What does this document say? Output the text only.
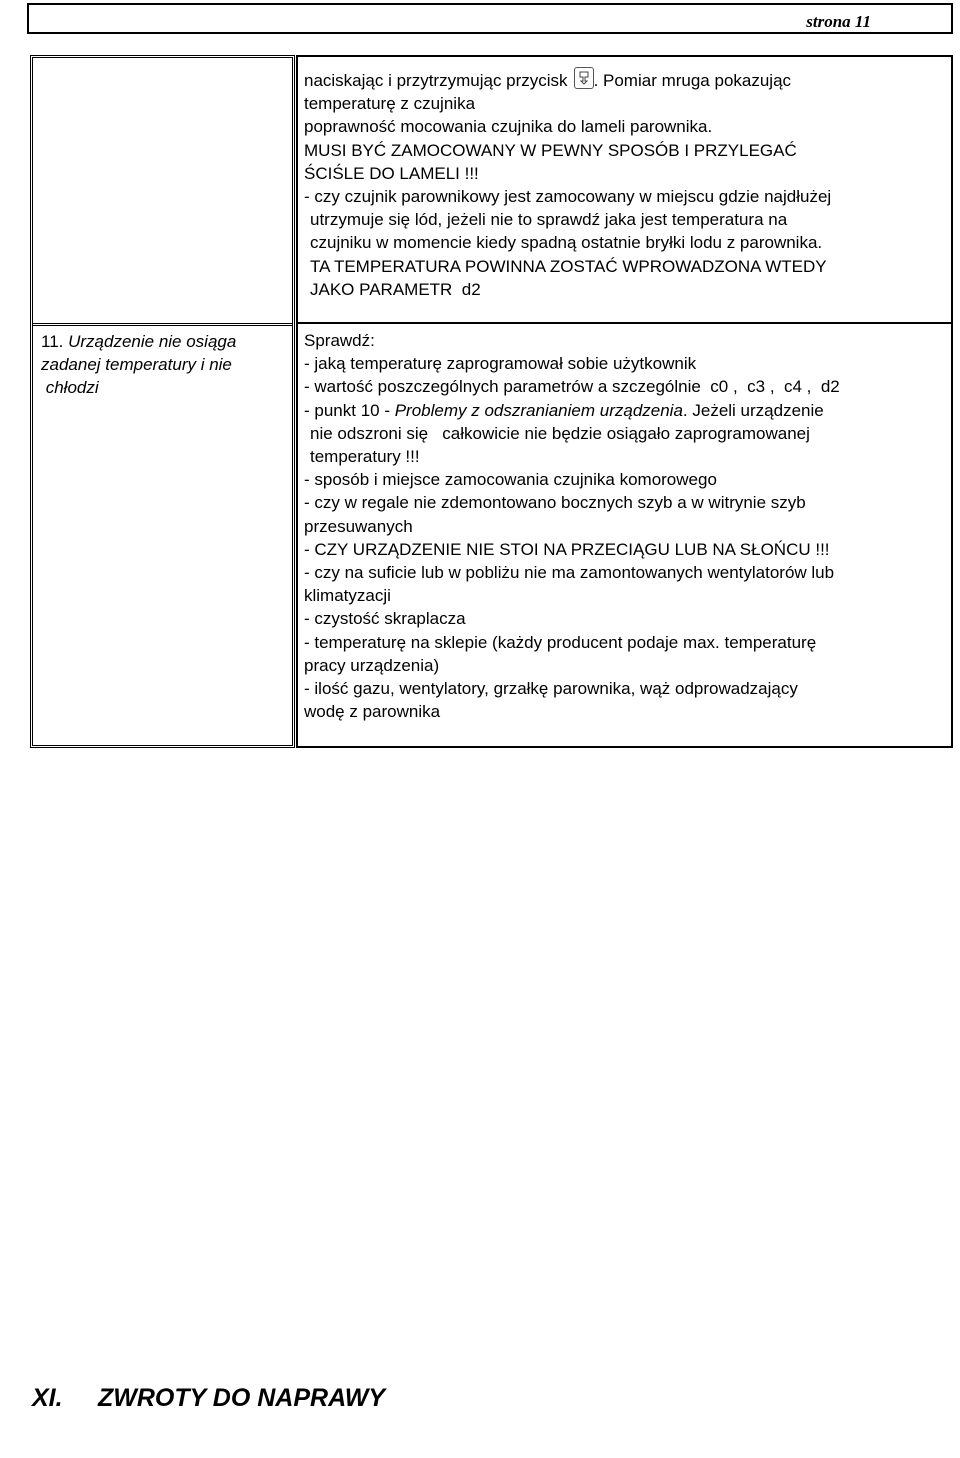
strona 11
11. Urządzenie nie osiąga
zadanej temperatury i nie
chłodzi
naciskając i przytrzymując przycisk . Pomiar mruga pokazując
temperaturę z czujnika
poprawność mocowania czujnika do lameli parownika.
MUSI BYĆ ZAMOCOWANY W PEWNY SPOSÓB I PRZYLEGAĆ
ŚCIŚLE DO LAMELI !!!
- czy czujnik parownikowy jest zamocowany w miejscu gdzie najdłużej
utrzymuje się lód, jeżeli nie to sprawdź jaka jest temperatura na
czujniku w momencie kiedy spadną ostatnie bryłki lodu z parownika.
TA TEMPERATURA POWINNA ZOSTAĆ WPROWADZONA WTEDY
JAKO PARAMETR  d2
Sprawdź:
- jaką temperaturę zaprogramował sobie użytkownik
- wartość poszczególnych parametrów a szczególnie  c0 ,  c3 ,  c4 ,  d2
- punkt 10 - Problemy z odszranianiem urządzenia. Jeżeli urządzenie
nie odszroni się   całkowicie nie będzie osiągało zaprogramowanej
temperatury !!!
- sposób i miejsce zamocowania czujnika komorowego
- czy w regale nie zdemontowano bocznych szyb a w witrynie szyb
przesuwanych
- CZY URZĄDZENIE NIE STOI NA PRZECIĄGU LUB NA SŁOŃCU !!!
- czy na suficie lub w pobliżu nie ma zamontowanych wentylatorów lub
klimatyzacji
- czystość skraplacza
- temperaturę na sklepie (każdy producent podaje max. temperaturę
pracy urządzenia)
- ilość gazu, wentylatory, grzałkę parownika, wąż odprowadzający
wodę z parownika
XI. ZWROTY DO NAPRAWY
